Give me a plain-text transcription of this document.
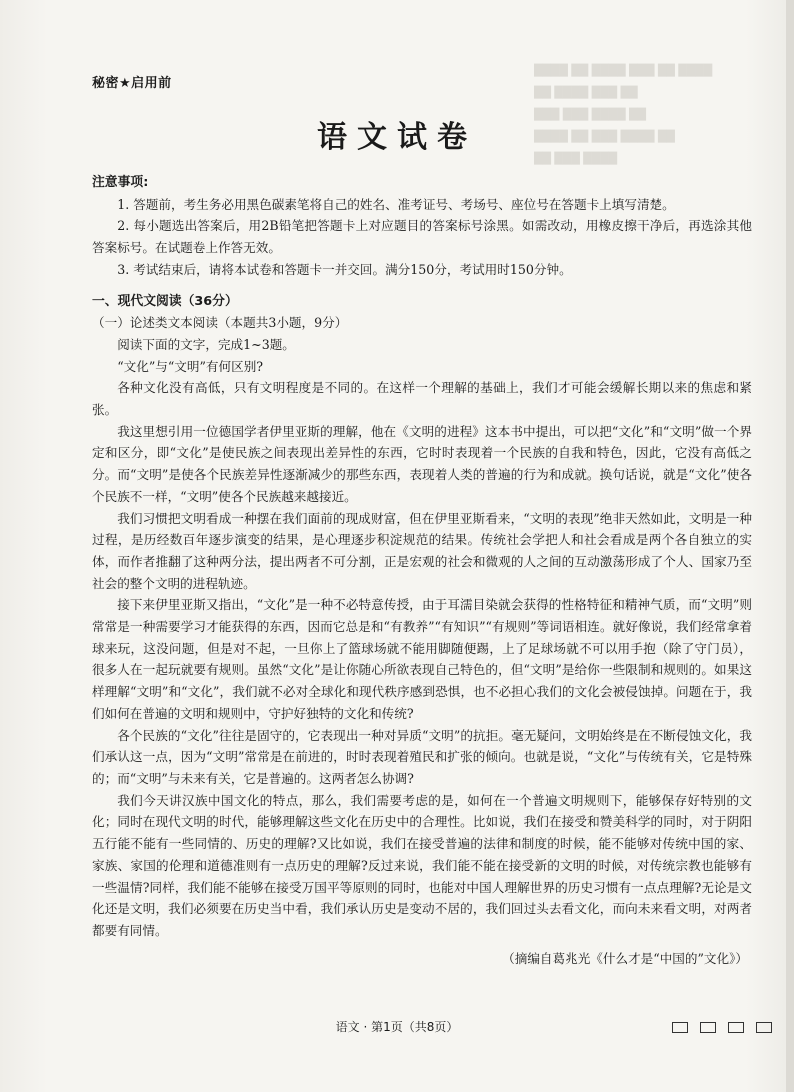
████ ██ ████ ███ ██ ████
██ ████ ███ ██
███ ███ ████ ██
████ ██ ███ ████ ██
██ ███ ████
秘密★启用前
语文试卷
注意事项:

1. 答题前，考生务必用黑色碳素笔将自己的姓名、准考证号、考场号、座位号在答题卡上填写清楚。

2. 每小题选出答案后，用2B铅笔把答题卡上对应题目的答案标号涂黑。如需改动，用橡皮擦干净后，再选涂其他答案标号。在试题卷上作答无效。

3. 考试结束后，请将本试卷和答题卡一并交回。满分150分，考试用时150分钟。

一、现代文阅读（36分）

（一）论述类文本阅读（本题共3小题，9分）

阅读下面的文字，完成1~3题。

“文化”与“文明”有何区别?

各种文化没有高低，只有文明程度是不同的。在这样一个理解的基础上，我们才可能会缓解长期以来的焦虑和紧张。

我这里想引用一位德国学者伊里亚斯的理解，他在《文明的进程》这本书中提出，可以把“文化”和“文明”做一个界定和区分，即“文化”是使民族之间表现出差异性的东西，它时时表现着一个民族的自我和特色，因此，它没有高低之分。而“文明”是使各个民族差异性逐渐减少的那些东西，表现着人类的普遍的行为和成就。换句话说，就是“文化”使各个民族不一样，“文明”使各个民族越来越接近。

我们习惯把文明看成一种摆在我们面前的现成财富，但在伊里亚斯看来，“文明的表现”绝非天然如此，文明是一种过程，是历经数百年逐步演变的结果，是心理逐步积淀规范的结果。传统社会学把人和社会看成是两个各自独立的实体，而作者推翻了这种两分法，提出两者不可分割，正是宏观的社会和微观的人之间的互动激荡形成了个人、国家乃至社会的整个文明的进程轨迹。

接下来伊里亚斯又指出，“文化”是一种不必特意传授，由于耳濡目染就会获得的性格特征和精神气质，而“文明”则常常是一种需要学习才能获得的东西，因而它总是和“有教养”“有知识”“有规则”等词语相连。就好像说，我们经常拿着球来玩，这没问题，但是对不起，一旦你上了篮球场就不能用脚随便踢，上了足球场就不可以用手抱（除了守门员），很多人在一起玩就要有规则。虽然“文化”是让你随心所欲表现自己特色的，但“文明”是给你一些限制和规则的。如果这样理解“文明”和“文化”，我们就不必对全球化和现代秩序感到恐惧，也不必担心我们的文化会被侵蚀掉。问题在于，我们如何在普遍的文明和规则中，守护好独特的文化和传统?

各个民族的“文化”往往是固守的，它表现出一种对异质“文明”的抗拒。毫无疑问，文明始终是在不断侵蚀文化，我们承认这一点，因为“文明”常常是在前进的，时时表现着殖民和扩张的倾向。也就是说，“文化”与传统有关，它是特殊的；而“文明”与未来有关，它是普遍的。这两者怎么协调?

我们今天讲汉族中国文化的特点，那么，我们需要考虑的是，如何在一个普遍文明规则下，能够保存好特别的文化；同时在现代文明的时代，能够理解这些文化在历史中的合理性。比如说，我们在接受和赞美科学的同时，对于阴阳五行能不能有一些同情的、历史的理解?又比如说，我们在接受普遍的法律和制度的时候，能不能够对传统中国的家、家族、家国的伦理和道德准则有一点历史的理解?反过来说，我们能不能在接受新的文明的时候，对传统宗教也能够有一些温情?同样，我们能不能够在接受万国平等原则的同时，也能对中国人理解世界的历史习惯有一点点理解?无论是文化还是文明，我们必须要在历史当中看，我们承认历史是变动不居的，我们回过头去看文化，而向未来看文明，对两者都要有同情。

（摘编自葛兆光《什么才是“中国的”文化》）

语文 · 第1页（共8页）
